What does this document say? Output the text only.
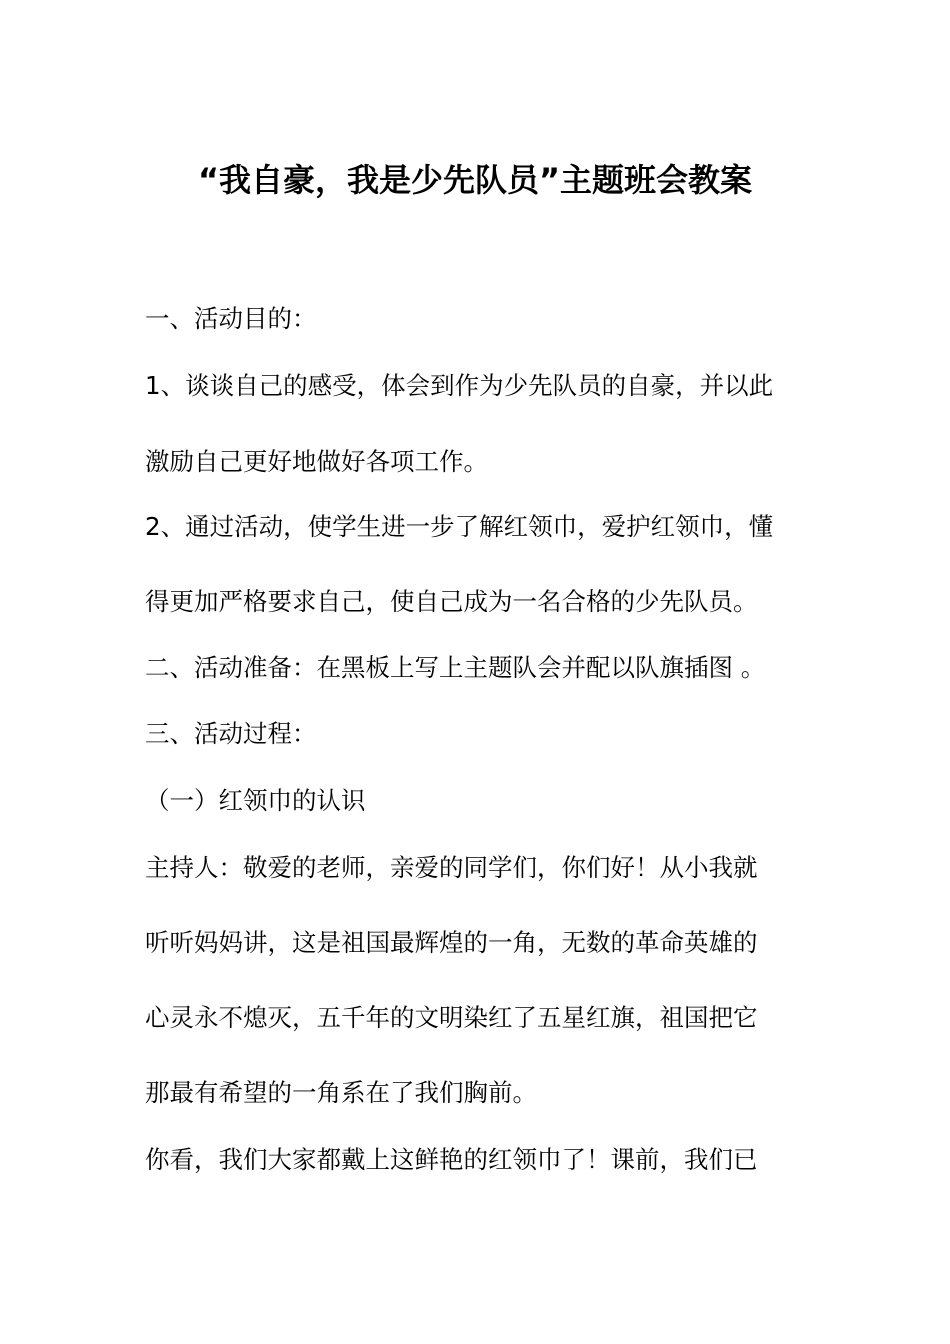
“我自豪，我是少先队员”主题班会教案
一、活动目的：
1、谈谈自己的感受，体会到作为少先队员的自豪，并以此
激励自己更好地做好各项工作。
2、通过活动，使学生进一步了解红领巾，爱护红领巾，懂
得更加严格要求自己，使自己成为一名合格的少先队员。
二、活动准备：在黑板上写上主题队会并配以队旗插图 。
三、活动过程：
（一）红领巾的认识
主持人：敬爱的老师，亲爱的同学们，你们好！从小我就
听听妈妈讲，这是祖国最辉煌的一角，无数的革命英雄的
心灵永不熄灭，五千年的文明染红了五星红旗，祖国把它
那最有希望的一角系在了我们胸前。
你看，我们大家都戴上这鲜艳的红领巾了！课前，我们已
